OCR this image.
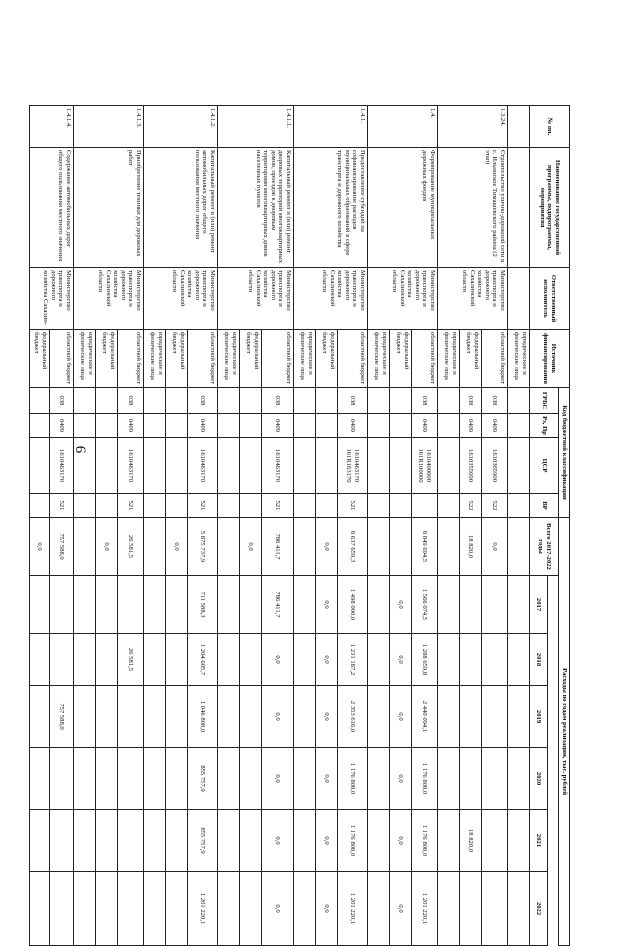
9
№ пп.	Наименование государственной программы, подпрограммы, мероприятия	Ответственный исполнитель	Источник финансирования	Код бюджетной классификации				Расходы по годам реализации, тыс. рублей						
				ГРБС	Рз, Пр	ЦСР	ВР	Всего 2017-2022 годы						
									2017	2018	2019	2020	2021	2022
			юридические и физические лица											
1.3.24.	Строительство улично-дорожной сети в с. Ильинское Тимашевского района (2 этап)	Министерство транспорта и дорожного хозяйства Сахалинской области	областной бюджет	038	0409	1610365900	522	0,0						
			федеральный бюджет	038	0409	1610355090	522	18 820,0					18 820,0	
			юридические и физические лица											
1.4.	Формирование муниципальных дорожных фондов	Министерство транспорта и дорожного хозяйства Сахалинской области	областной бюджет	038	0409	1610400000 161R100000		8 849 694,5	1 566 074,5	1 288 659,8	2 440 094,1	1 176 808,0	1 176 808,0	1 201 220,1
			федеральный бюджет						0,0	0,0	0,0	0,0	0,0	0,0
			юридические и физические лица											
1.4.1.	Предоставление субсидий на софинансирование расходов муниципальных образований в сфере транспорта и дорожного хозяйства	Министерство транспорта и дорожного хозяйства Сахалинской области	областной бюджет	038	0409	1610463170 161R163170	521	8 637 659,3	1 498 000,0	1 231 187,2	2 353 616,0	1 176 808,0	1 176 808,0	1 201 220,1
			федеральный бюджет					0,0	0,0	0,0	0,0	0,0	0,0	0,0
			юридические и физические лица											
1.4.1.1.	Капитальный ремонт и (или) ремонт дворовых территорий многоквартирных домов, проездов к дворовым территориям многоквартирных домов населенных пунктов	Министерство транспорта и дорожного хозяйства Сахалинской области	областной бюджет	038	0409	1610463170	521	786 411,7	786 411,7	0,0	0,0	0,0	0,0	0,0
			федеральный бюджет					0,0						
			юридические и физические лица											
1.4.1.2.	Капитальный ремонт и (или) ремонт автомобильных дорог общего пользования местного значения	Министерство транспорта и дорожного хозяйства Сахалинской области	областной бюджет	038	0409	1610463170	521	5 875 737,9	711 588,3	1 204 605,7	1 046 808,0	855 757,9	855 757,9	1 201 220,1
			федеральный бюджет					0,0						
			юридические и физические лица											
1.4.1.3.	Приобретение техники для дорожных работ	Министерство транспорта и дорожного хозяйства Сахалинской области	областной бюджет	038	0409	1610463170	521	26 581,5		26 581,5				
			федеральный бюджет					0,0						
			юридические и физические лица											
1.4.1.4.	Содержание автомобильных дорог общего пользования местного значения	Министерство транспорта и дорожного хозяйства Сахалин-	областной бюджет	038	0409	1610463170	521	757 588,0			757 588,0			
			федеральный бюджет					0,0						
